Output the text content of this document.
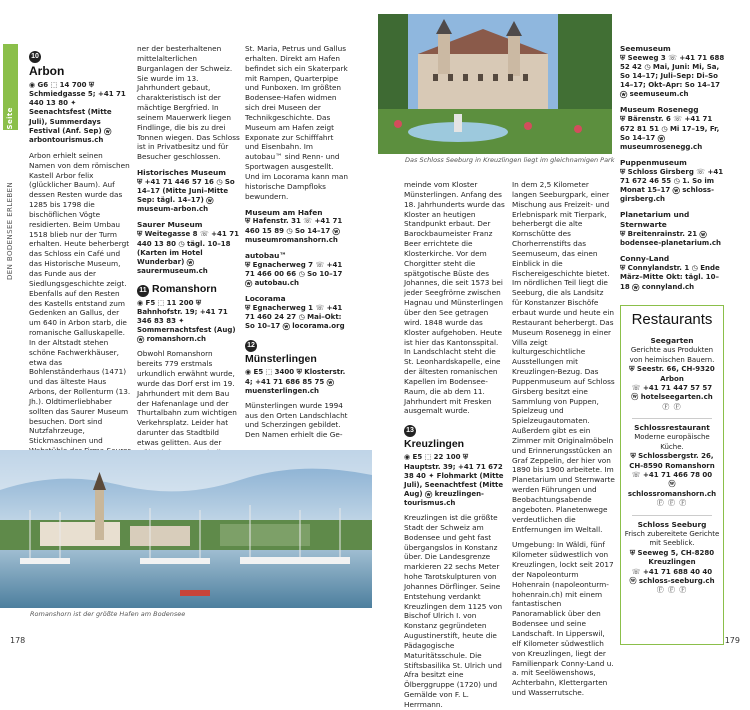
DEN BODENSEE ERLEBEN
Schweizer Seite
10
Arbon
◉ G6 ⬚ 14 700 ⛨ Schmiedgasse 5; +41 71 440 13 80 ✦ Seenachtsfest (Mitte Juli), Summerdays Festival (Anf. Sep) ⓦ arbontourismus.ch

Arbon erhielt seinen Namen von dem römischen Kastell Arbor felix (glücklicher Baum). Auf dessen Resten wurde das 1285 bis 1798 die bischöflichen Vögte residierten. Beim Umbau 1518 blieb nur der Turm erhalten. Heute beherbergt das Schloss ein Café und das Historische Museum, das Funde aus der Siedlungsgeschichte zeigt. Ebenfalls auf den Resten des Kastells entstand zum Gedenken an Gallus, der um 640 in Arbon starb, die romanische Galluskapelle. In der Altstadt stehen schöne Fachwerkhäuser, etwa das Bohlenständerhaus (1471) und das älteste Haus Arbons, der Rollenturm (13. Jh.). Oldtimerliebhaber sollten das Saurer Museum besuchen. Dort sind Nutzfahrzeuge, Stickmaschinen und

ner der besterhaltenen mittelalterlichen Burganlagen der Schweiz. Sie wurde im 13. Jahrhundert gebaut, charakteristisch ist der mächtige Bergfried. In seinem Mauerwerk liegen Findlinge, die bis zu drei Tonnen wiegen. Das Schloss ist in Privatbesitz und für Besucher geschlossen.

Historisches Museum
⛨ +41 71 446 57 16 ◷ So 14–17 (Mitte Juni–Mitte Sep: tägl. 14–17) ⓦ museum-arbon.ch
Saurer Museum
⛨ Weitegasse 8 ☏ +41 71 440 13 80 ◷ tägl. 10–18 (Karten im Hotel Wunderbar) ⓦ saurermuseum.ch
11 Romanshorn
◉ F5 ⬚ 11 200 ⛨ Bahnhofstr. 19; +41 71 346 83 83 ✦ Sommernachtsfest (Aug) ⓦ romanshorn.ch

Obwohl Romanshorn bereits 779 erstmals urkundlich erwähnt wurde, wurde das Dorf erst im 19. Jahrhundert mit dem Bau der Hafenanlage und der Thurtalbahn zum wichtigen Verkehrsplatz. Leider hat darunter das Stadtbild etwas gelitten. Aus der

St. Maria, Petrus und Gallus erhalten. Direkt am Hafen befindet sich ein Skaterpark mit Rampen, Quarterpipe und Funboxen. Im größten Bodensee-Hafen widmen sich drei Museen der Technikgeschichte. Das Museum am Hafen zeigt Exponate zur Schifffahrt und Eisenbahn. Im autobau™ sind Renn- und Sportwagen ausgestellt. Und im Locorama kann man historische Dampfloks bewundern.

Museum am Hafen
⛨ Hafenstr. 31 ☏ +41 71 460 15 89 ◷ So 14–17 ⓦ museumromanshorn.ch
autobau™
⛨ Egnacherweg 7 ☏ +41 71 466 00 66 ◷ So 10–17 ⓦ autobau.ch
Locorama
⛨ Egnacherweg 1 ☏ +41 71 460 24 27 ◷ Mai–Okt: So 10–17 ⓦ locorama.org
12
Münsterlingen
◉ E5 ⬚ 3400 ⛨ Klosterstr. 4; +41 71 686 85 75 ⓦ muensterlingen.ch

Münsterlingen wurde 1994 aus den Orten Landschlacht und Scherzingen gebildet. Den Namen erhielt die Ge-

Romanshorn ist der größte Hafen am Bodensee
178
Das Schloss Seeburg in Kreuzlingen liegt im gleichnamigen Park

meinde vom Kloster Münsterlingen. Anfang des 18. Jahrhunderts wurde das Kloster an heutigen Standpunkt erbaut. Der Barockbaumeister Franz Beer errichtete die Klosterkirche. Vor dem Chorgitter steht die spätgotische Büste des Johannes, die seit 1573 bei jeder Seegfrörne zwischen Hagnau und Münsterlingen über den See getragen wird. 1848 wurde das Kloster aufgehoben. Heute ist hier das Kantonsspital. In Landschlacht steht die St. Leonhardskapelle, eine der ältesten romanischen Kapellen im Bodensee-Raum, die ab dem 11. Jahrhundert mit Fresken ausgemalt wurde.

13
Kreuzlingen
◉ E5 ⬚ 22 100 ⛨ Hauptstr. 39; +41 71 672 38 40 ✦ Flohmarkt (Mitte Juli), Seenachtfest (Mitte Aug) ⓦ kreuzlingen-tourismus.ch

Kreuzlingen ist die größte Stadt der Schweiz am Bodensee und geht fast übergangslos in Konstanz über. Die Landesgrenze markieren 22 sechs Meter hohe Tarotskulpturen von Johannes Dörflinger. Seine Entstehung verdankt Kreuzlingen dem 1125 von Bischof Ulrich I. von Konstanz gegründeten Augustinerstift, heute die Pädagogische Maturitätsschule. Die Stiftsbasilika St. Ulrich und Afra besitzt eine Ölberggruppe (1720) und Gemälde von F. L. Herrmann.

In dem 2,5 Kilometer langen Seeburgpark, einer Mischung aus Freizeit- und Erlebnispark mit Tierpark, beherbergt die alte Kornschütte des Chorherrenstifts das Seemuseum, das einen Einblick in die Fischereigeschichte bietet. Im nördlichen Teil liegt die Seeburg, die als Landsitz für Konstanzer Bischöfe erbaut wurde und heute ein Restaurant beherbergt. Das Museum Rosenegg in einer Villa zeigt kulturgeschichtliche Ausstellungen mit Kreuzlingen-Bezug. Das Puppenmuseum auf Schloss Girsberg besitzt eine Sammlung von Puppen, Spielzeug und Spielzeugautomaten. Außerdem gibt es ein Zimmer mit Originalmöbeln und Erinnerungsstücken an Graf Zeppelin, der hier von 1890 bis 1900 arbeitete. Im Planetarium und Sternwarte werden Führungen und Beobachtungsabende angeboten. Planetenwege verdeutlichen die Entfernungen im Weltall.

Umgebung: In Wäldi, fünf Kilometer südwestlich von Kreuzlingen, lockt seit 2017 der Napoleonturm Hohenrain (napoleonturm-hohenrain.ch) mit einem fantastischen Panoramablick über den Bodensee und seine Landschaft. In Lipperswil, elf Kilometer südwestlich von Kreuzlingen, liegt der Familienpark Conny-Land u. a. mit Seelöwenshows, Achterbahn, Klettergarten und Wasserrutsche.

Seemuseum
⛨ Seeweg 3 ☏ +41 71 688 52 42 ◷ Mai, Juni: Mi, Sa, So 14–17; Juli–Sep: Di–So 14–17; Okt–Apr: So 14–17 ⓦ seemuseum.ch
Museum Rosenegg
⛨ Bärenstr. 6 ☏ +41 71 672 81 51 ◷ Mi 17–19, Fr, So 14–17 ⓦ museumrosenegg.ch
Puppenmuseum
⛨ Schloss Girsberg ☏ +41 71 672 46 55 ◷ 1. So im Monat 15–17 ⓦ schloss-girsberg.ch
Planetarium und Sternwarte
⛨ Breitenrainstr. 21 ⓦ bodensee-planetarium.ch
Conny-Land
⛨ Connylandstr. 1 ◷ Ende März–Mitte Okt: tägl. 10–18 ⓦ connyland.ch
Restaurants
Seegarten
Gerichte aus Produkten von heimischen Bauern.
⛨ Seestr. 66, CH-9320 Arbon
☏ +41 71 447 57 57
ⓦ hotelseegarten.ch
Ⓕ Ⓕ
Schlossrestaurant
Moderne europäische Küche.
⛨ Schlossbergstr. 26, CH-8590 Romanshorn
☏ +41 71 466 78 00
ⓦ schlossromanshorn.ch
Ⓕ Ⓕ Ⓕ
Schloss Seeburg
Frisch zubereitete Gerichte mit Seeblick.
⛨ Seeweg 5, CH-8280 Kreuzlingen
☏ +41 71 688 40 40
ⓦ schloss-seeburg.ch
Ⓕ Ⓕ Ⓕ
179
